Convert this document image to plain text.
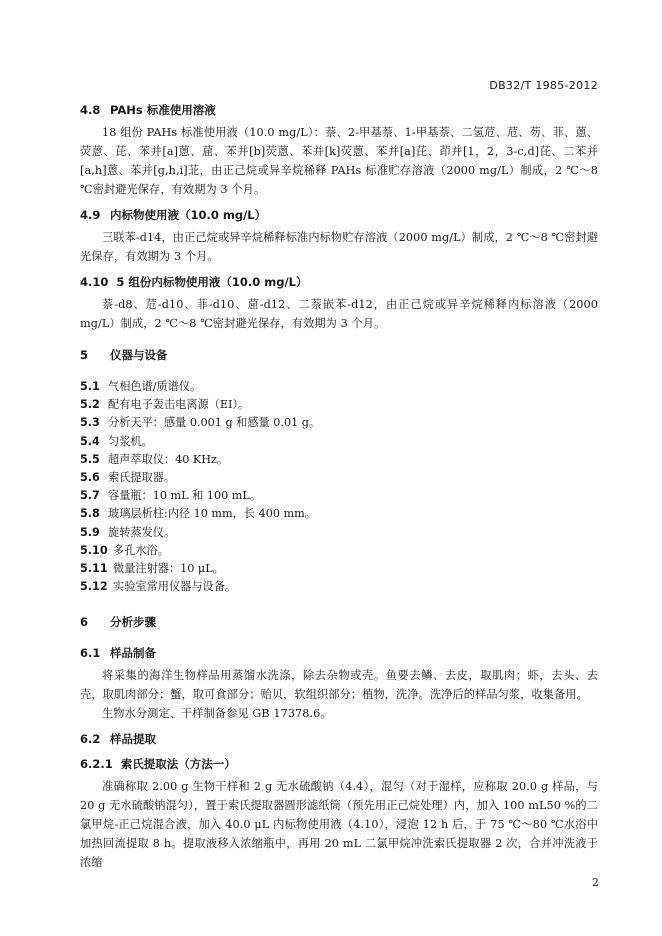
DB32/T 1985-2012
4.8 PAHs 标准使用溶液

18 组份 PAHs 标准使用液（10.0 mg/L）：萘、2-甲基萘、1-甲基萘、二氢苊、苊、芴、菲、蒽、荧蒽、芘、苯并[a]蒽、䓛、苯并[b]荧蒽、苯并[k]荧蒽、苯并[a]芘、茚并[1，2，3-c,d]芘、二苯并[a,h]蒽、苯并[g,h,i]苝，由正己烷或异辛烷稀释 PAHs 标准贮存溶液（2000 mg/L）制成，2 ℃～8 ℃密封避光保存，有效期为 3 个月。

4.9 内标物使用液（10.0 mg/L）

三联苯-d14，由正己烷或异辛烷稀释标准内标物贮存溶液（2000 mg/L）制成，2 ℃～8 ℃密封避光保存，有效期为 3 个月。

4.10 5 组份内标物使用液（10.0 mg/L）

萘-d8、苊-d10、菲-d10、䓛-d12、二萘嵌苯-d12，由正己烷或异辛烷稀释内标溶液（2000 mg/L）制成，2 ℃～8 ℃密封避光保存，有效期为 3 个月。

5 仪器与设备
5.1 气相色谱/质谱仪。
5.2 配有电子轰击电离源（EI）。
5.3 分析天平：感量 0.001 g 和感量 0.01 g。
5.4 匀浆机。
5.5 超声萃取仪：40 KHz。
5.6 索氏提取器。
5.7 容量瓶：10 mL 和 100 mL。
5.8 玻璃层析柱:内径 10 mm，长 400 mm。
5.9 旋转蒸发仪。
5.10 多孔水浴。
5.11 微量注射器：10 μL。
5.12 实验室常用仪器与设备。
6 分析步骤
6.1 样品制备

将采集的海洋生物样品用蒸馏水洗涤，除去杂物或壳。鱼要去鳞、去皮，取肌肉；虾，去头、去壳，取肌肉部分；蟹，取可食部分；贻贝，软组织部分；植物，洗净。洗净后的样品匀浆，收集备用。

生物水分测定、干样制备参见 GB 17378.6。

6.2 样品提取
6.2.1 索氏提取法（方法一）

准确称取 2.00 g 生物干样和 2 g 无水硫酸钠（4.4），混匀（对于湿样，应称取 20.0 g 样品，与 20 g 无水硫酸钠混匀），置于索氏提取器圆形滤纸筒（预先用正己烷处理）内，加入 100 mL50 %的二氯甲烷-正己烷混合液，加入 40.0 μL 内标物使用液（4.10），浸泡 12 h 后，于 75 ℃～80 ℃水浴中加热回流提取 8 h。提取液移入浓缩瓶中，再用 20 mL 二氯甲烷冲洗索氏提取器 2 次，合并冲洗液于浓缩

2
